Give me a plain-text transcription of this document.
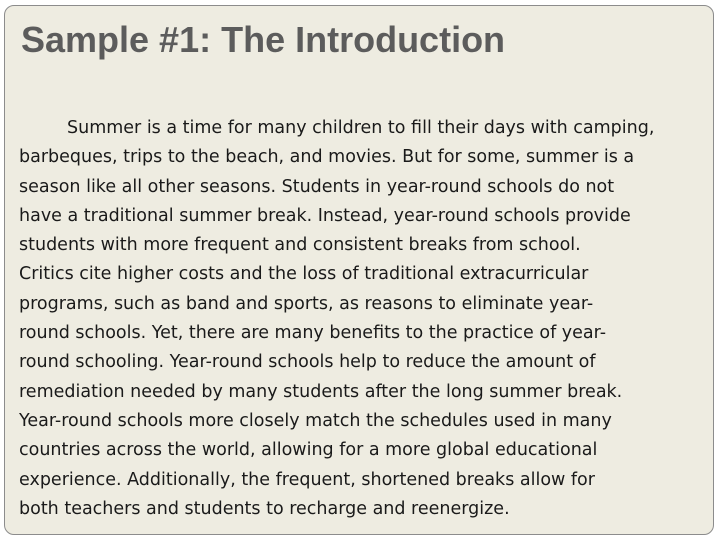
Sample #1: The Introduction

Summer is a time for many children to fill their days with camping,
barbeques, trips to the beach, and movies. But for some, summer is a
season like all other seasons. Students in year-round schools do not
have a traditional summer break. Instead, year-round schools provide
students with more frequent and consistent breaks from school.
Critics cite higher costs and the loss of traditional extracurricular
programs, such as band and sports, as reasons to eliminate year-
round schools. Yet, there are many benefits to the practice of year-
round schooling. Year-round schools help to reduce the amount of
remediation needed by many students after the long summer break.
Year-round schools more closely match the schedules used in many
countries across the world, allowing for a more global educational
experience. Additionally, the frequent, shortened breaks allow for
both teachers and students to recharge and reenergize.
